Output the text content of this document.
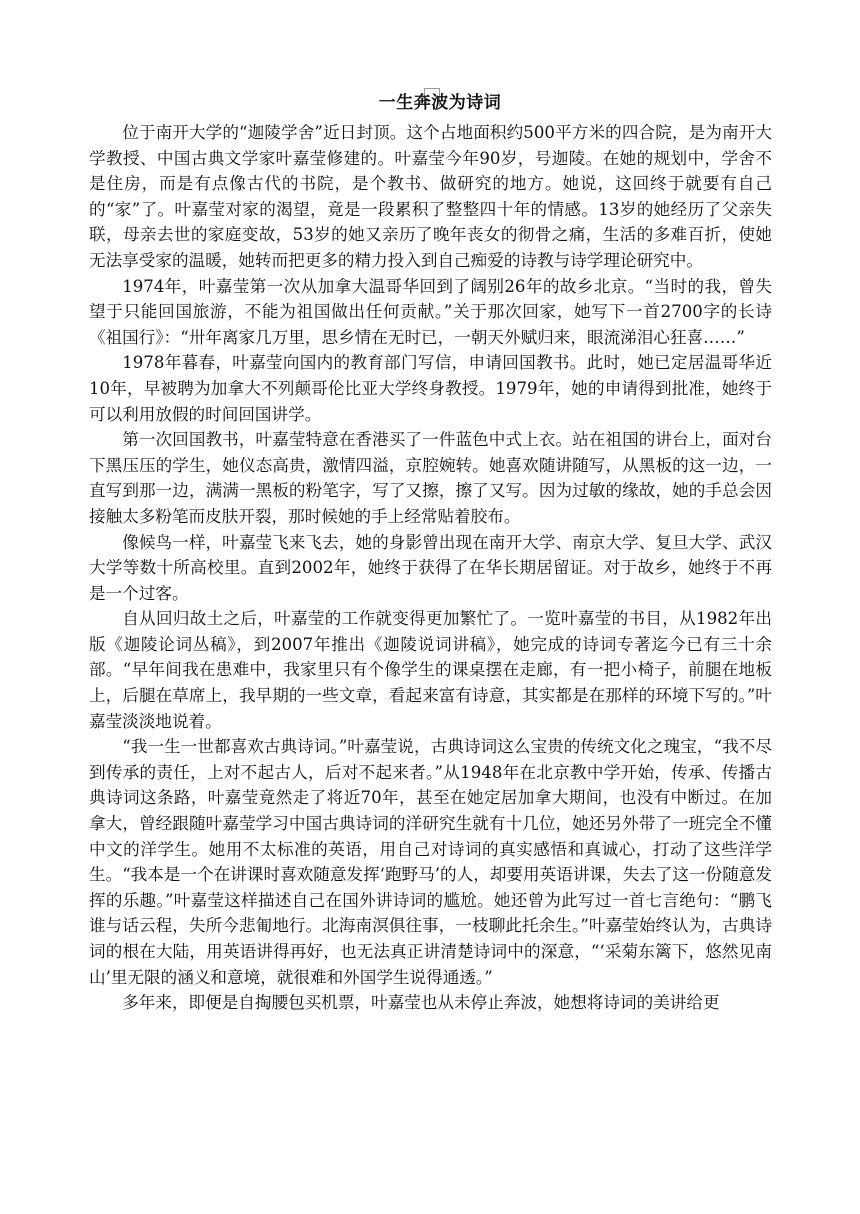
一生奔波为诗词

位于南开大学的“迦陵学舍”近日封顶。这个占地面积约500平方米的四合院，是为南开大学教授、中国古典文学家叶嘉莹修建的。叶嘉莹今年90岁，号迦陵。在她的规划中，学舍不是住房，而是有点像古代的书院，是个教书、做研究的地方。她说，这回终于就要有自己的“家”了。叶嘉莹对家的渴望，竟是一段累积了整整四十年的情感。13岁的她经历了父亲失联，母亲去世的家庭变故，53岁的她又亲历了晚年丧女的彻骨之痛，生活的多难百折，使她无法享受家的温暖，她转而把更多的精力投入到自己痴爱的诗教与诗学理论研究中。

1974年，叶嘉莹第一次从加拿大温哥华回到了阔别26年的故乡北京。“当时的我，曾失望于只能回国旅游，不能为祖国做出任何贡献。”关于那次回家，她写下一首2700字的长诗《祖国行》：“卅年离家几万里，思乡情在无时已，一朝天外赋归来，眼流涕泪心狂喜……”

1978年暮春，叶嘉莹向国内的教育部门写信，申请回国教书。此时，她已定居温哥华近10年，早被聘为加拿大不列颠哥伦比亚大学终身教授。1979年，她的申请得到批准，她终于可以利用放假的时间回国讲学。

第一次回国教书，叶嘉莹特意在香港买了一件蓝色中式上衣。站在祖国的讲台上，面对台下黑压压的学生，她仪态高贵，激情四溢，京腔婉转。她喜欢随讲随写，从黑板的这一边，一直写到那一边，满满一黑板的粉笔字，写了又擦，擦了又写。因为过敏的缘故，她的手总会因接触太多粉笔而皮肤开裂，那时候她的手上经常贴着胶布。

像候鸟一样，叶嘉莹飞来飞去，她的身影曾出现在南开大学、南京大学、复旦大学、武汉大学等数十所高校里。直到2002年，她终于获得了在华长期居留证。对于故乡，她终于不再是一个过客。

自从回归故土之后，叶嘉莹的工作就变得更加繁忙了。一览叶嘉莹的书目，从1982年出版《迦陵论词丛稿》，到2007年推出《迦陵说词讲稿》，她完成的诗词专著迄今已有三十余部。“早年间我在患难中，我家里只有个像学生的课桌摆在走廊，有一把小椅子，前腿在地板上，后腿在草席上，我早期的一些文章，看起来富有诗意，其实都是在那样的环境下写的。”叶嘉莹淡淡地说着。

“我一生一世都喜欢古典诗词。”叶嘉莹说，古典诗词这么宝贵的传统文化之瑰宝，“我不尽到传承的责任，上对不起古人，后对不起来者。”从1948年在北京教中学开始，传承、传播古典诗词这条路，叶嘉莹竟然走了将近70年，甚至在她定居加拿大期间，也没有中断过。在加拿大，曾经跟随叶嘉莹学习中国古典诗词的洋研究生就有十几位，她还另外带了一班完全不懂中文的洋学生。她用不太标准的英语，用自己对诗词的真实感悟和真诚心，打动了这些洋学生。“我本是一个在讲课时喜欢随意发挥‘跑野马’的人，却要用英语讲课，失去了这一份随意发挥的乐趣。”叶嘉莹这样描述自己在国外讲诗词的尴尬。她还曾为此写过一首七言绝句：“鹏飞谁与话云程，失所今悲匍地行。北海南溟俱往事，一枝聊此托余生。”叶嘉莹始终认为，古典诗词的根在大陆，用英语讲得再好，也无法真正讲清楚诗词中的深意，“‘采菊东篱下，悠然见南山’里无限的涵义和意境，就很难和外国学生说得通透。”

多年来，即便是自掏腰包买机票，叶嘉莹也从未停止奔波，她想将诗词的美讲给更
